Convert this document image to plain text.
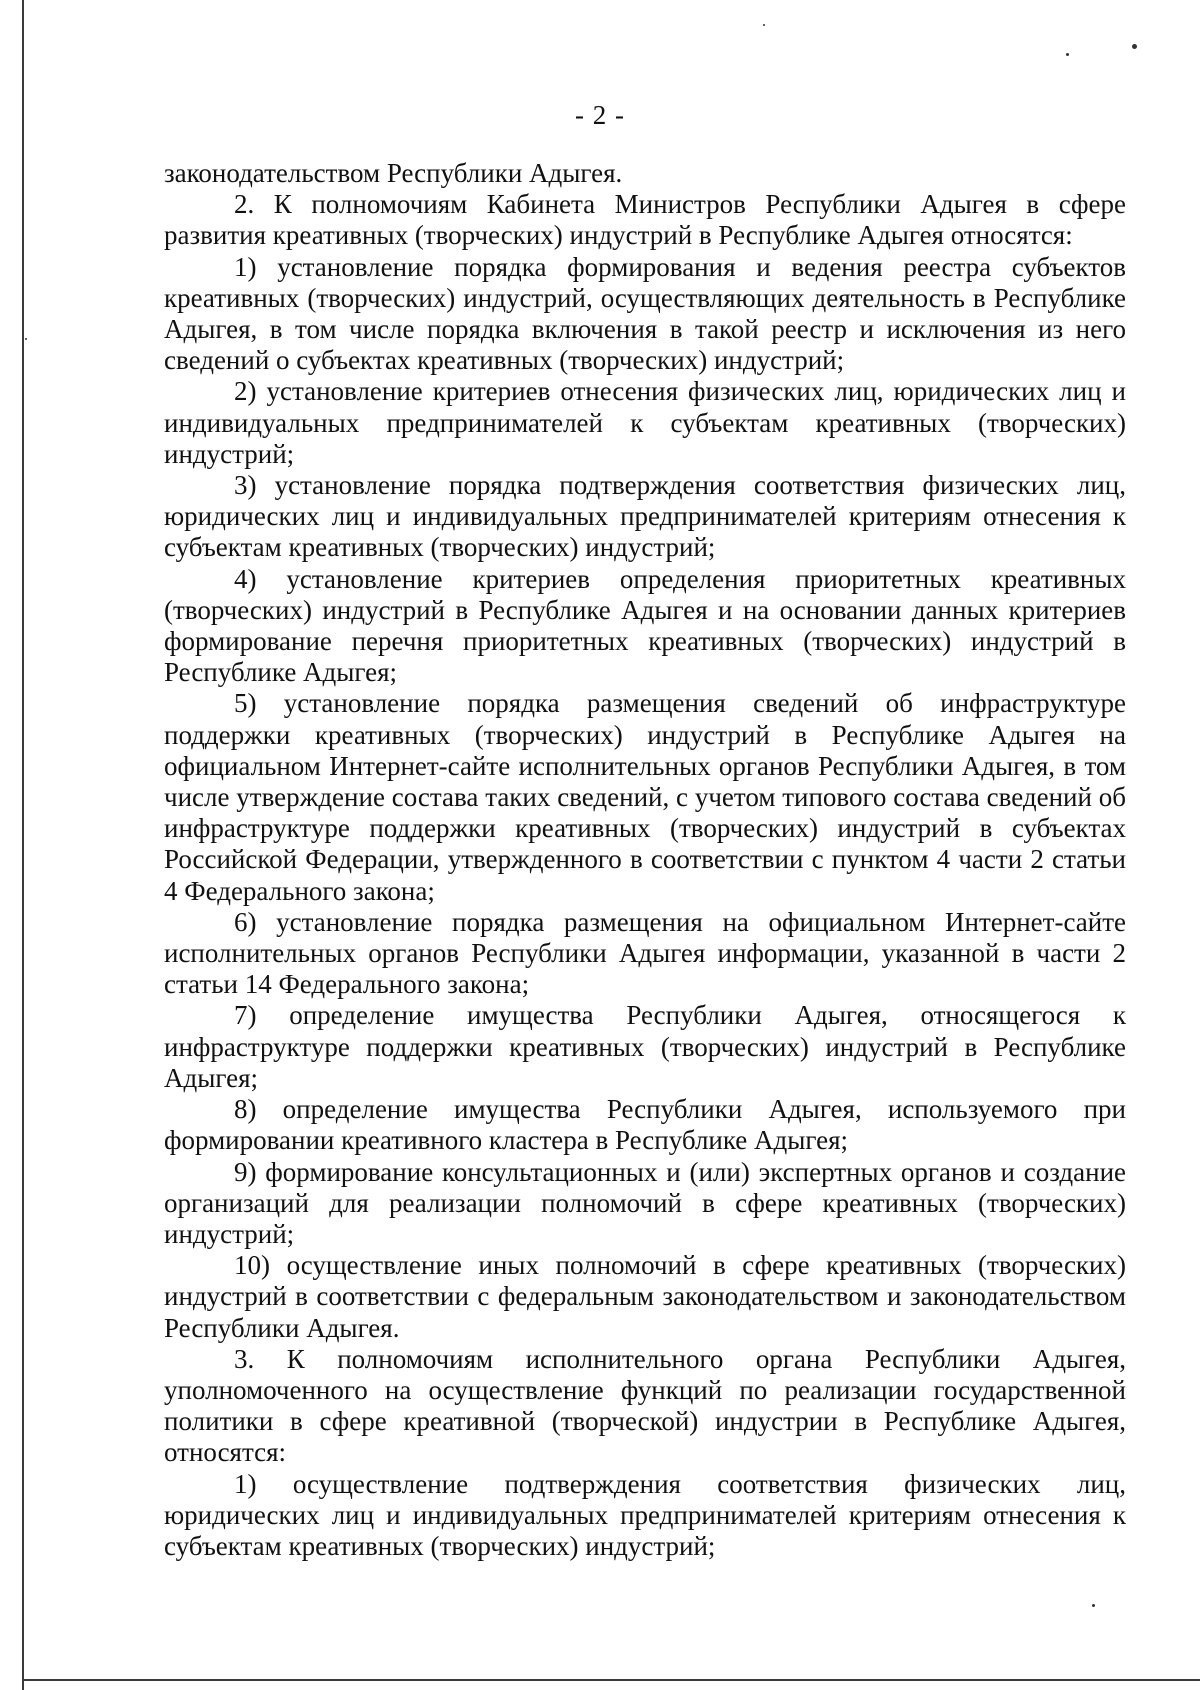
- 2 -

законодательством Республики Адыгея.

2. К полномочиям Кабинета Министров Республики Адыгея в сфере развития креативных (творческих) индустрий в Республике Адыгея относятся:

1) установление порядка формирования и ведения реестра субъектов креативных (творческих) индустрий, осуществляющих деятельность в Республике Адыгея, в том числе порядка включения в такой реестр и исключения из него сведений о субъектах креативных (творческих) индустрий;

2) установление критериев отнесения физических лиц, юридических лиц и индивидуальных предпринимателей к субъектам креативных (творческих) индустрий;

3) установление порядка подтверждения соответствия физических лиц, юридических лиц и индивидуальных предпринимателей критериям отнесения к субъектам креативных (творческих) индустрий;

4) установление критериев определения приоритетных креативных (творческих) индустрий в Республике Адыгея и на основании данных критериев формирование перечня приоритетных креативных (творческих) индустрий в Республике Адыгея;

5) установление порядка размещения сведений об инфраструктуре поддержки креативных (творческих) индустрий в Республике Адыгея на официальном Интернет-сайте исполнительных органов Республики Адыгея, в том числе утверждение состава таких сведений, с учетом типового состава сведений об инфраструктуре поддержки креативных (творческих) индустрий в субъектах Российской Федерации, утвержденного в соответствии с пунктом 4 части 2 статьи 4 Федерального закона;

6) установление порядка размещения на официальном Интернет-сайте исполнительных органов Республики Адыгея информации, указанной в части 2 статьи 14 Федерального закона;

7) определение имущества Республики Адыгея, относящегося к инфраструктуре поддержки креативных (творческих) индустрий в Республике Адыгея;

8) определение имущества Республики Адыгея, используемого при формировании креативного кластера в Республике Адыгея;

9) формирование консультационных и (или) экспертных органов и создание организаций для реализации полномочий в сфере креативных (творческих) индустрий;

10) осуществление иных полномочий в сфере креативных (творческих) индустрий в соответствии с федеральным законодательством и законодательством Республики Адыгея.

3. К полномочиям исполнительного органа Республики Адыгея, уполномоченного на осуществление функций по реализации государственной политики в сфере креативной (творческой) индустрии в Республике Адыгея, относятся:

1) осуществление подтверждения соответствия физических лиц, юридических лиц и индивидуальных предпринимателей критериям отнесения к субъектам креативных (творческих) индустрий;
